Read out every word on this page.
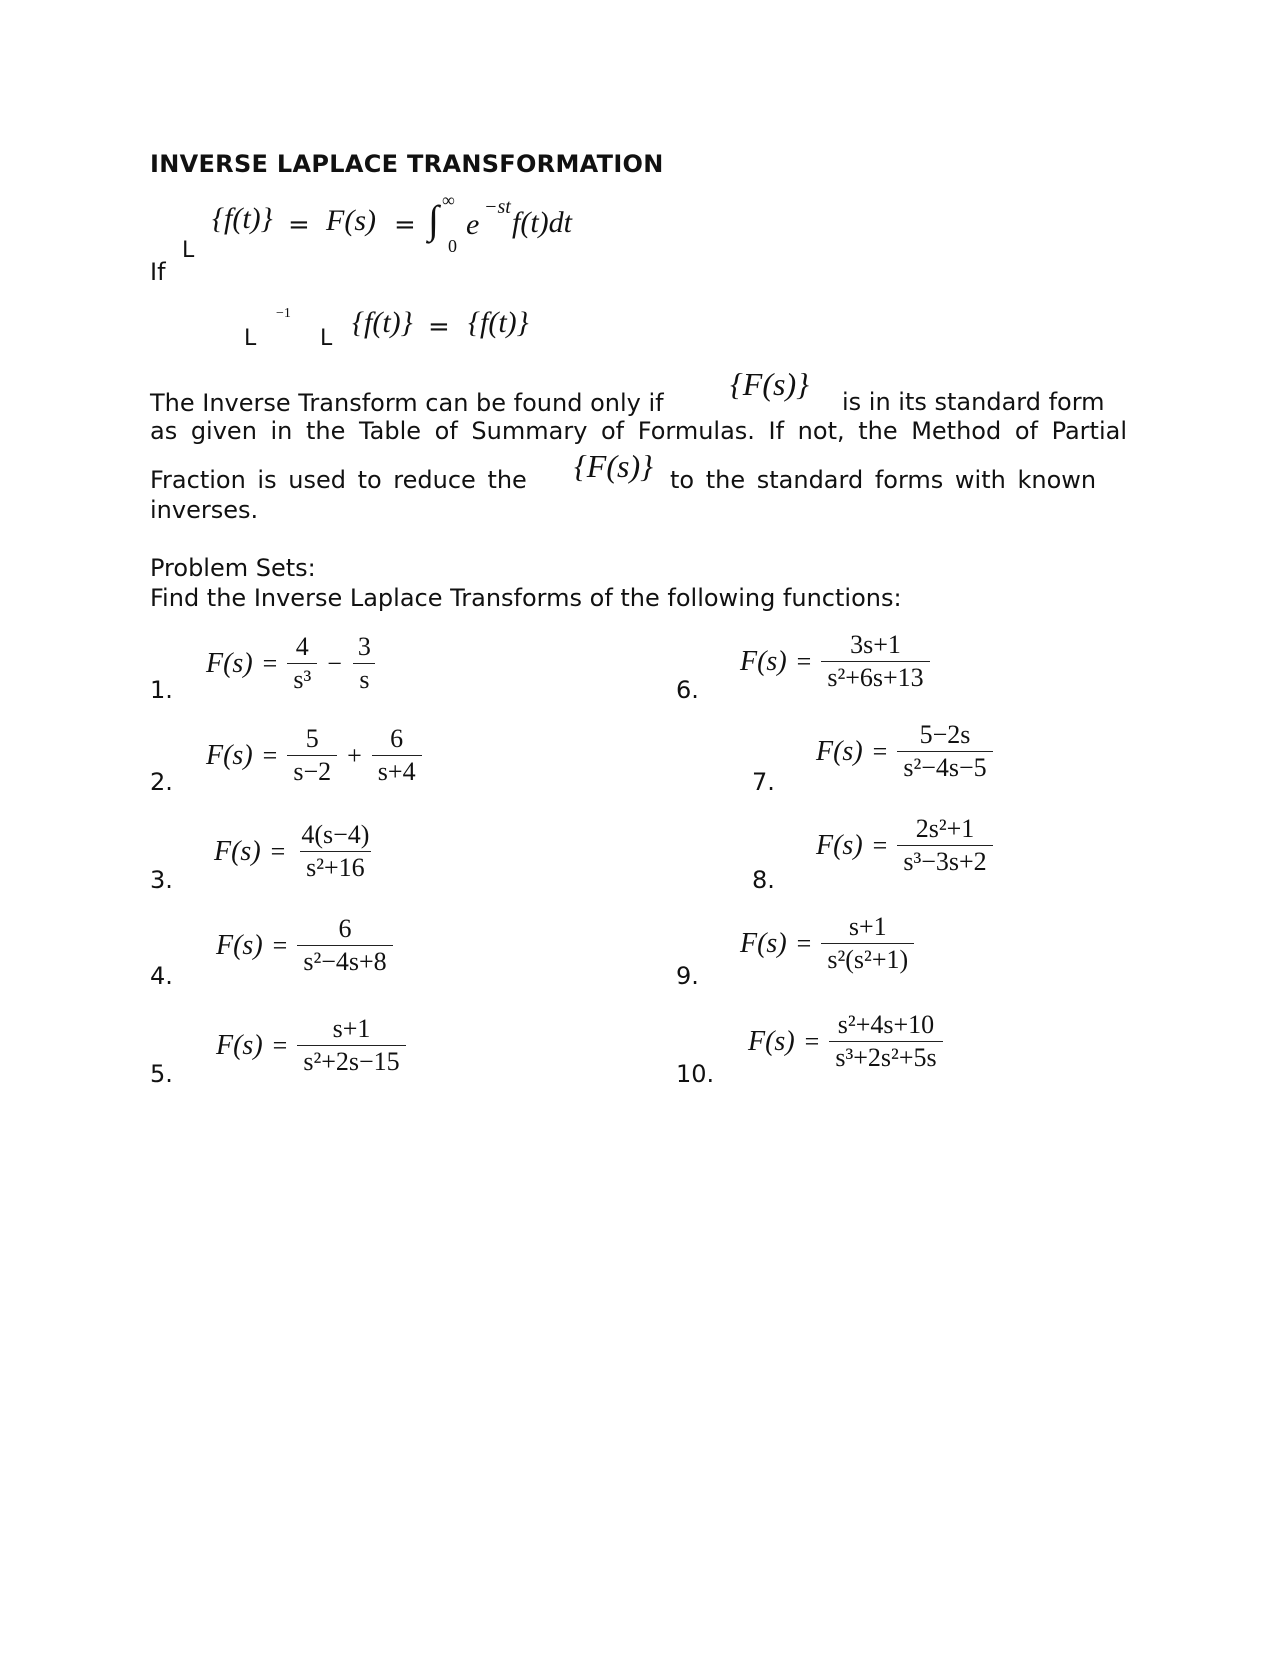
INVERSE LAPLACE TRANSFORMATION
If
L
{f(t)} = F(s) = ∫ ∞
0
e
−st f(t)dt
L
−1
L {f(t)} = {f(t)}
The Inverse Transform can be found only if
{F(s)} is in its standard form
as given in the Table of Summary of Formulas. If not, the Method of Partial
Fraction is used to reduce the {F(s)} to the standard forms with known
inverses.
Problem Sets:
Find the Inverse Laplace Transforms of the following functions:
1.
$F(s) = \frac{4}{\text{s³}} - \frac{3}{s}$
2.
$F(s) = \frac{5}{s-2} + \frac{6}{s+4}$
3.
$F(s) = \frac{4(s-4)}{\text{s²+16}}$
4.
$F(s) = \frac{6}{\text{s²−4s+8}}$
5.
$F(s) = \frac{s+1}{\text{s²+2s−15}}$
6.
$F(s) = \frac{3s+1}{\text{s²+6s+13}}$
7.
$F(s) = \frac{5-2s}{\text{s²−4s−5}}$
8.
$F(s) = \frac{\text{2s²+1}}{\text{s³−3s+2}}$
9.
$F(s) = \frac{s+1}{\text{s²(s²+1)}}$
10.
$F(s) = \frac{\text{s²+4s+10}}{\text{s³+2s²+5s}}$
